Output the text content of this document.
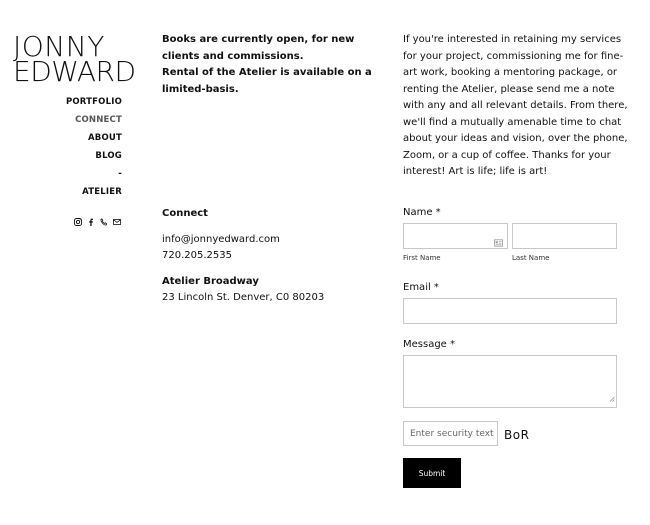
JONNY
EDWARD
PORTFOLIO
CONNECT
ABOUT
BLOG
-
ATELIER
Books are currently open, for new clients and commissions.
Rental of the Atelier is available on a limited-basis.
If you're interested in retaining my services for your project, commissioning me for fine-art work, booking a mentoring package, or renting the Atelier, please send me a note with any and all relevant details. From there, we'll find a mutually amenable time to chat about your ideas and vision, over the phone, Zoom, or a cup of coffee. Thanks for your interest! Art is life; life is art!
Connect
info@jonnyedward.com
720.205.2535
Atelier Broadway
23 Lincoln St. Denver, C0 80203
Name *
First Name	Last Name
Email *
Message *
Enter security text BoR
Submit
